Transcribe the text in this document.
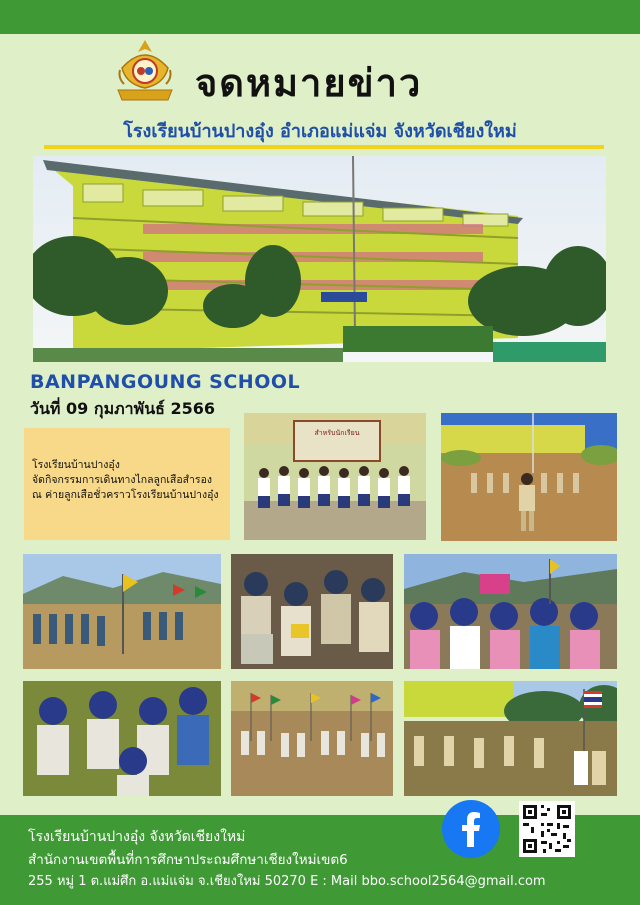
จดหมายข่าว
โรงเรียนบ้านปางอุ๋ง อำเภอแม่แจ่ม จังหวัดเชียงใหม่
BANPANGOUNG SCHOOL
วันที่ 09 กุมภาพันธ์ 2566
โรงเรียนบ้านปางอุ๋ง
จัดกิจกรรมการเดินทางไกลลูกเสือสำรอง
ณ ค่ายลูกเสือชั่วคราวโรงเรียนบ้านปางอุ๋ง
สำหรับนักเรียน
โรงเรียนบ้านปางอุ๋ง จังหวัดเชียงใหม่
สำนักงานเขตพื้นที่การศึกษาประถมศึกษาเชียงใหม่เขต6
255 หมู่ 1 ต.แม่ศึก อ.แม่แจ่ม จ.เชียงใหม่ 50270 E : Mail bbo.school2564@gmail.com
